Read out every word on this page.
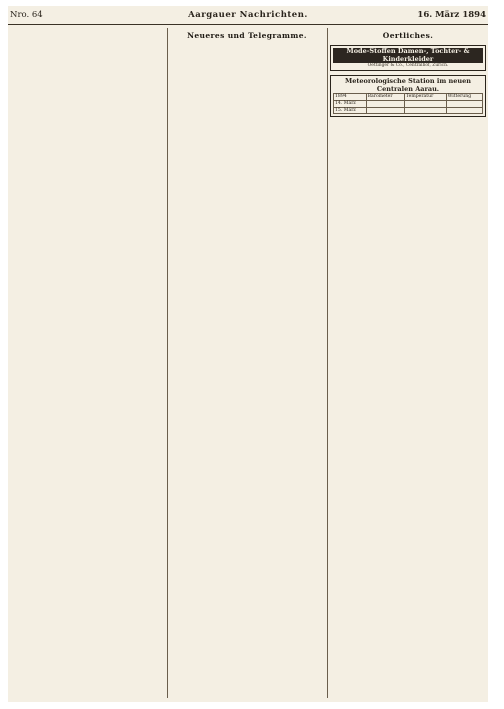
Nro. 64	Aargauer Nachrichten.	16. März 1894
Neueres und Telegramme.	Oertliches.
Mode-Stoffen Damen-, Töchter- & Kinderkleider
Oettinger & Co., Centralhof, Zürich.
Meteorologische Station im neuen Centralen Aarau.
1894	Barometer	Temperatur	Witterung
14. März			
15. März			
